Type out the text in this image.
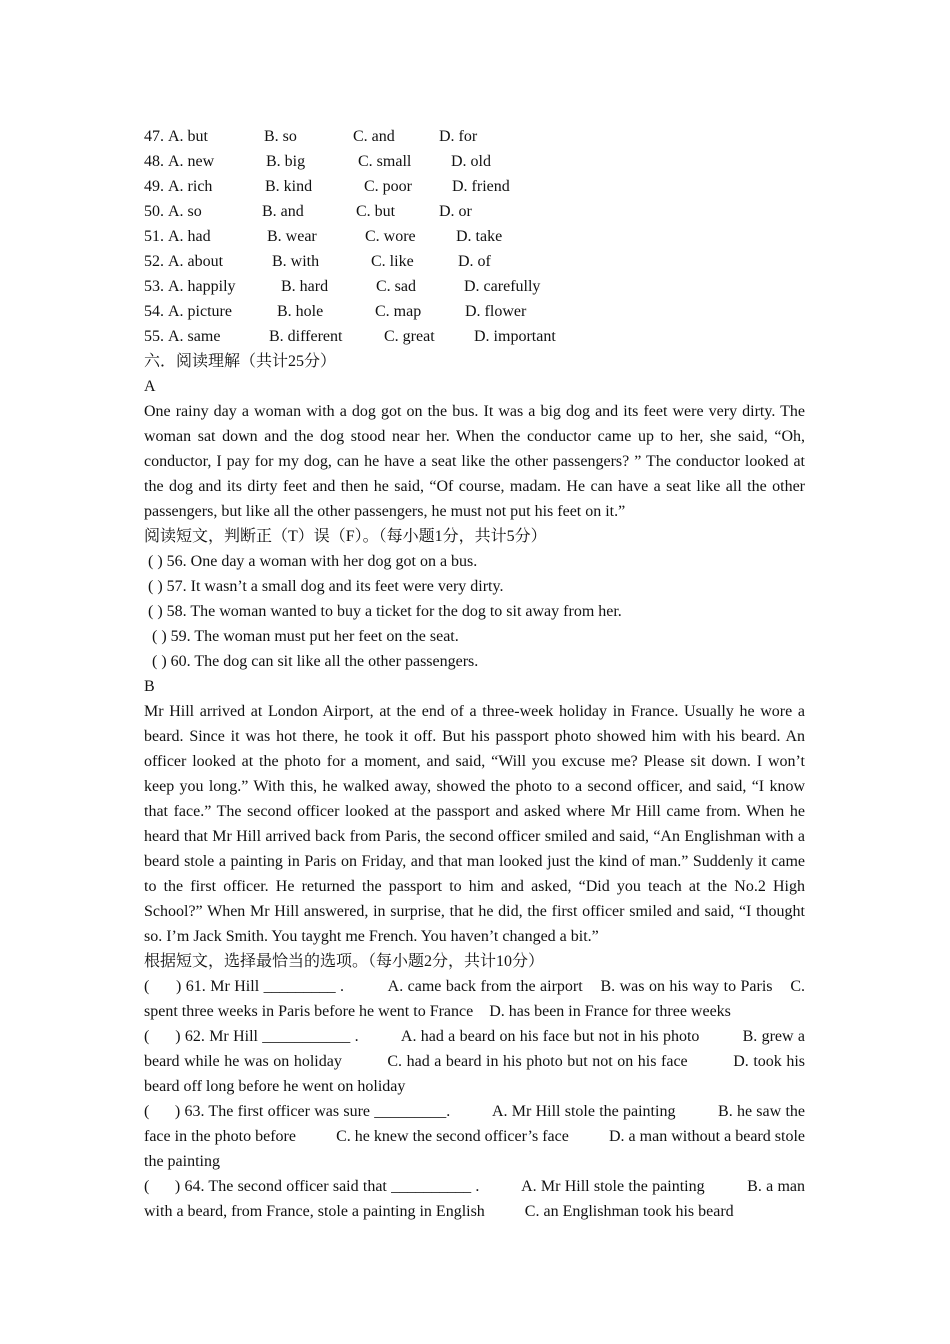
47. A. but	B. so	C. and	D. for
48. A. new	B. big	C. small D. old
49. A. rich	B. kind	C. poor	D. friend
50. A. so	B. and	C. but	D. or
51. A. had	B. wear	C. wore	D. take
52. A. about	B. with	C. like	D. of
53. A. happily	B. hard	C. sad	D. carefully
54. A. picture	B. hole	C. map	D. flower
55. A. same	B. different	C. great D. important
六．阅读理解（共计25分）
A
One rainy day a woman with a dog got on the bus. It was a big dog and its feet were very dirty. The woman sat down and the dog stood near her. When the conductor came up to her, she said, “Oh, conductor, I pay for my dog, can he have a seat like the other passengers? ” The conductor looked at the dog and its dirty feet and then he said, “Of course, madam. He can have a seat like all the other passengers, but like all the other passengers, he must not put his feet on it.”
阅读短文，判断正（T）误（F）。（每小题1分，共计5分）
( ) 56. One day a woman with her dog got on a bus.
( ) 57. It wasn’t a small dog and its feet were very dirty.
( ) 58. The woman wanted to buy a ticket for the dog to sit away from her.
( ) 59. The woman must put her feet on the seat.
( ) 60. The dog can sit like all the other passengers.
B
Mr Hill arrived at London Airport, at the end of a three-week holiday in France. Usually he wore a beard. Since it was hot there, he took it off. But his passport photo showed him with his beard. An officer looked at the photo for a moment, and said, “Will you excuse me? Please sit down. I won’t keep you long.” With this, he walked away, showed the photo to a second officer, and said, “I know that face.” The second officer looked at the passport and asked where Mr Hill came from. When he heard that Mr Hill arrived back from Paris, the second officer smiled and said, “An Englishman with a beard stole a painting in Paris on Friday, and that man looked just the kind of man.” Suddenly it came to the first officer. He returned the passport to him and asked, “Did you teach at the No.2 High School?” When Mr Hill answered, in surprise, that he did, the first officer smiled and said, “I thought so. I’m Jack Smith. You tayght me French. You haven’t changed a bit.”
根据短文，选择最恰当的选项。（每小题2分，共计10分）
(      ) 61. Mr Hill _________ .          A. came back from the airport    B. was on his way to Paris    C. spent three weeks in Paris before he went to France    D. has been in France for three weeks
(      ) 62. Mr Hill ___________ .          A. had a beard on his face but not in his photo          B. grew a beard while he was on holiday          C. had a beard in his photo but not on his face          D. took his beard off long before he went on holiday
(      ) 63. The first officer was sure _________.          A. Mr Hill stole the painting          B. he saw the face in the photo before          C. he knew the second officer’s face          D. a man without a beard stole the painting
(      ) 64. The second officer said that __________ .          A. Mr Hill stole the painting          B. a man with a beard, from France, stole a painting in English          C. an Englishman took his beard
